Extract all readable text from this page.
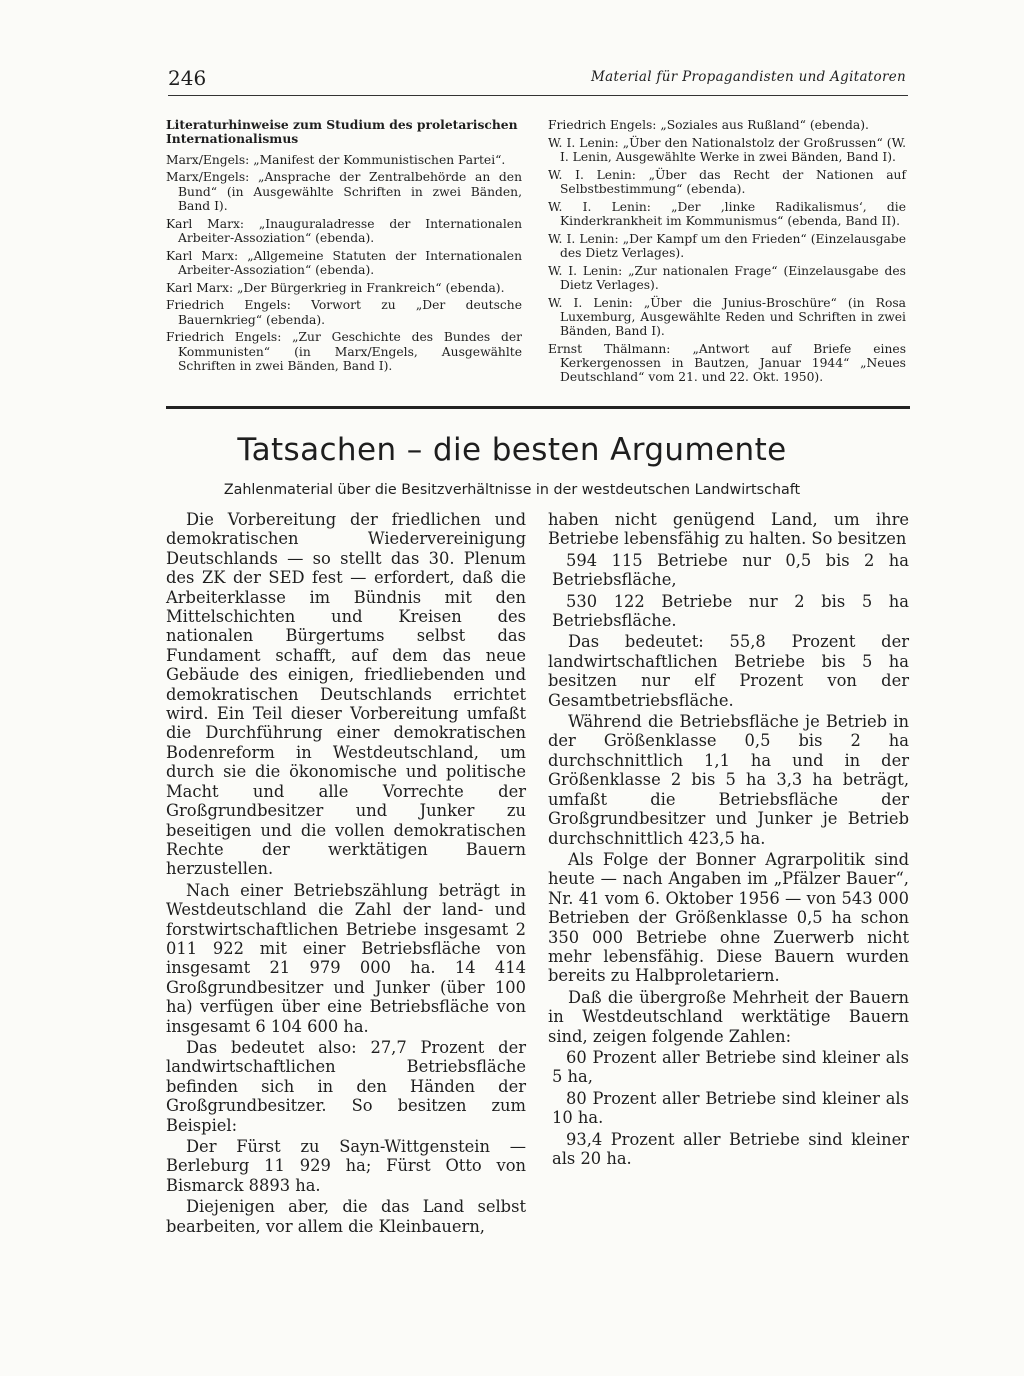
246	Material für Propagandisten und Agitatoren
Literaturhinweise zum Studium des proletarischen Internationalismus
Marx/Engels: „Manifest der Kommunistischen Partei“.
Marx/Engels: „Ansprache der Zentralbehörde an den Bund“ (in Ausgewählte Schriften in zwei Bänden, Band I).
Karl Marx: „Inauguraladresse der Internationalen Arbeiter-Assoziation“ (ebenda).
Karl Marx: „Allgemeine Statuten der Internationalen Arbeiter-Assoziation“ (ebenda).
Karl Marx: „Der Bürgerkrieg in Frankreich“ (ebenda).
Friedrich Engels: Vorwort zu „Der deutsche Bauernkrieg“ (ebenda).
Friedrich Engels: „Zur Geschichte des Bundes der Kommunisten“ (in Marx/Engels, Ausgewählte Schriften in zwei Bänden, Band I).
Friedrich Engels: „Soziales aus Rußland“ (ebenda).
W. I. Lenin: „Über den Nationalstolz der Großrussen“ (W. I. Lenin, Ausgewählte Werke in zwei Bänden, Band I).
W. I. Lenin: „Über das Recht der Nationen auf Selbstbestimmung“ (ebenda).
W. I. Lenin: „Der ‚linke Radikalismus‘, die Kinderkrankheit im Kommunismus“ (ebenda, Band II).
W. I. Lenin: „Der Kampf um den Frieden“ (Einzelausgabe des Dietz Verlages).
W. I. Lenin: „Zur nationalen Frage“ (Einzelausgabe des Dietz Verlages).
W. I. Lenin: „Über die Junius-Broschüre“ (in Rosa Luxemburg, Ausgewählte Reden und Schriften in zwei Bänden, Band I).
Ernst Thälmann: „Antwort auf Briefe eines Kerkergenossen in Bautzen, Januar 1944“ „Neues Deutschland“ vom 21. und 22. Okt. 1950).
Tatsachen – die besten Argumente
Zahlenmaterial über die Besitzverhältnisse in der westdeutschen Landwirtschaft

Die Vorbereitung der friedlichen und demokratischen Wiedervereinigung Deutschlands — so stellt das 30. Plenum des ZK der SED fest — erfordert, daß die Arbeiterklasse im Bündnis mit den Mittelschichten und Kreisen des nationalen Bürgertums selbst das Fundament schafft, auf dem das neue Gebäude des einigen, friedliebenden und demokratischen Deutschlands errichtet wird. Ein Teil dieser Vorbereitung umfaßt die Durchführung einer demokratischen Bodenreform in Westdeutschland, um durch sie die ökonomische und politische Macht und alle Vorrechte der Großgrundbesitzer und Junker zu beseitigen und die vollen demokratischen Rechte der werktätigen Bauern herzustellen.

Nach einer Betriebszählung beträgt in Westdeutschland die Zahl der land- und forstwirtschaftlichen Betriebe insgesamt 2 011 922 mit einer Betriebsfläche von insgesamt 21 979 000 ha. 14 414 Großgrundbesitzer und Junker (über 100 ha) verfügen über eine Betriebsfläche von insgesamt 6 104 600 ha.

Das bedeutet also: 27,7 Prozent der landwirtschaftlichen Betriebsfläche befinden sich in den Händen der Großgrundbesitzer. So besitzen zum Beispiel:

Der Fürst zu Sayn-Wittgenstein — Berleburg 11 929 ha; Fürst Otto von Bismarck 8893 ha.

Diejenigen aber, die das Land selbst bearbeiten, vor allem die Kleinbauern,

haben nicht genügend Land, um ihre Betriebe lebensfähig zu halten. So besitzen

594 115 Betriebe nur 0,5 bis 2 ha Betriebsfläche,

530 122 Betriebe nur 2 bis 5 ha Betriebsfläche.

Das bedeutet: 55,8 Prozent der landwirtschaftlichen Betriebe bis 5 ha besitzen nur elf Prozent von der Gesamtbetriebsfläche.

Während die Betriebsfläche je Betrieb in der Größenklasse 0,5 bis 2 ha durchschnittlich 1,1 ha und in der Größenklasse 2 bis 5 ha 3,3 ha beträgt, umfaßt die Betriebsfläche der Großgrundbesitzer und Junker je Betrieb durchschnittlich 423,5 ha.

Als Folge der Bonner Agrarpolitik sind heute — nach Angaben im „Pfälzer Bauer“, Nr. 41 vom 6. Oktober 1956 — von 543 000 Betrieben der Größenklasse 0,5 ha schon 350 000 Betriebe ohne Zuerwerb nicht mehr lebensfähig. Diese Bauern wurden bereits zu Halbproletariern.

Daß die übergroße Mehrheit der Bauern in Westdeutschland werktätige Bauern sind, zeigen folgende Zahlen:

60 Prozent aller Betriebe sind kleiner als 5 ha,

80 Prozent aller Betriebe sind kleiner als 10 ha.

93,4 Prozent aller Betriebe sind kleiner als 20 ha.
